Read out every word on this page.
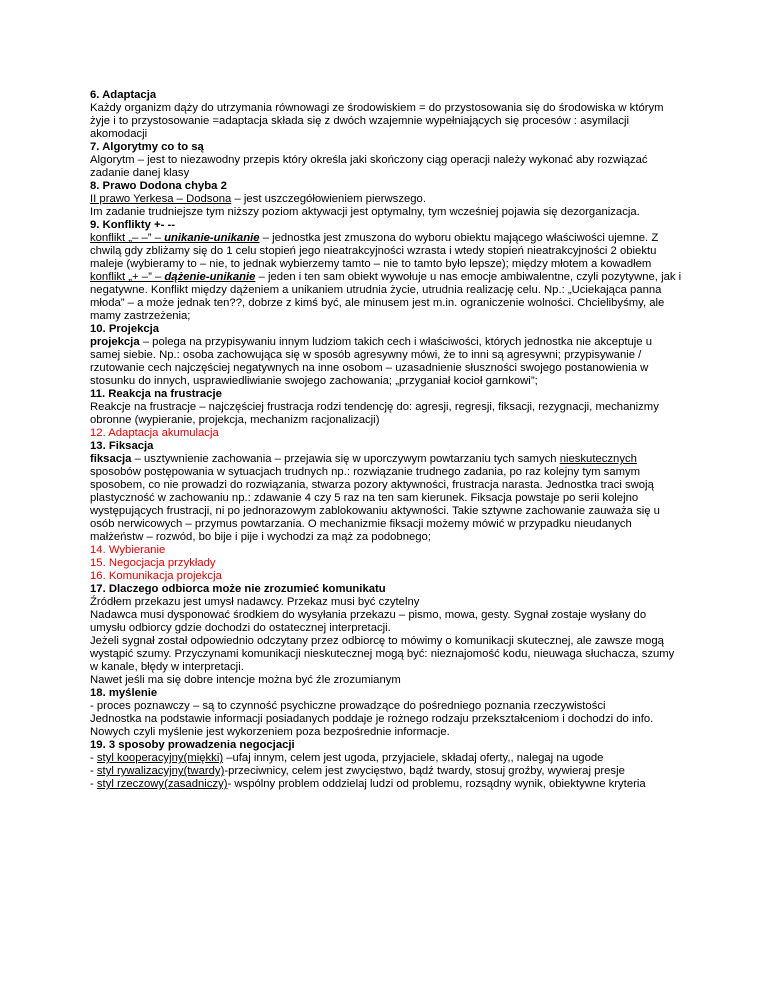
6. Adaptacja
Każdy organizm dąży do utrzymania równowagi ze środowiskiem = do przystosowania się do środowiska w którym
żyje i to przystosowanie =adaptacja składa się z dwóch wzajemnie wypełniających się procesów : asymilacji
akomodacji
7. Algorytmy co to są
Algorytm – jest to niezawodny przepis który określa jaki skończony ciąg operacji należy wykonać aby rozwiązać
zadanie danej klasy
8. Prawo Dodona chyba 2
II prawo Yerkesa – Dodsona – jest uszczegółowieniem pierwszego.
Im zadanie trudniejsze tym niższy poziom aktywacji jest optymalny, tym wcześniej pojawia się dezorganizacja.
9. Konflikty +- --
konflikt „– –” – unikanie-unikanie – jednostka jest zmuszona do wyboru obiektu mającego właściwości ujemne. Z
chwilą gdy zbliżamy się do 1 celu stopień jego nieatrakcyjności wzrasta i wtedy stopień nieatrakcyjności 2 obiektu
maleje (wybieramy to – nie, to jednak wybierzemy tamto – nie to tamto było lepsze); między młotem a kowadłem
konflikt „+ –” – dążenie-unikanie – jeden i ten sam obiekt wywołuje u nas emocje ambiwalentne, czyli pozytywne, jak i
negatywne. Konflikt między dążeniem a unikaniem utrudnia życie, utrudnia realizację celu. Np.: „Uciekająca panna
młoda” – a może jednak ten??, dobrze z kimś być, ale minusem jest m.in. ograniczenie wolności. Chcielibyśmy, ale
mamy zastrzeżenia;
10. Projekcja
projekcja – polega na przypisywaniu innym ludziom takich cech i właściwości, których jednostka nie akceptuje u
samej siebie. Np.: osoba zachowująca się w sposób agresywny mówi, że to inni są agresywni; przypisywanie /
rzutowanie cech najczęściej negatywnych na inne osobom – uzasadnienie słuszności swojego postanowienia w
stosunku do innych, usprawiedliwianie swojego zachowania; „przyganiał kocioł garnkowi”;
11. Reakcja na frustracje
Reakcje na frustracje – najczęściej frustracja rodzi tendencję do: agresji, regresji, fiksacji, rezygnacji, mechanizmy
obronne (wypieranie, projekcja, mechanizm racjonalizacji)
12. Adaptacja akumulacja
13. Fiksacja
fiksacja – usztywnienie zachowania – przejawia się w uporczywym powtarzaniu tych samych nieskutecznych
sposobów postępowania w sytuacjach trudnych np.: rozwiązanie trudnego zadania, po raz kolejny tym samym
sposobem, co nie prowadzi do rozwiązania, stwarza pozory aktywności, frustracja narasta. Jednostka traci swoją
plastyczność w zachowaniu np.: zdawanie 4 czy 5 raz na ten sam kierunek. Fiksacja powstaje po serii kolejno
występujących frustracji, ni po jednorazowym zablokowaniu aktywności. Takie sztywne zachowanie zauważa się u
osób nerwicowych – przymus powtarzania. O mechanizmie fiksacji możemy mówić w przypadku nieudanych
małżeństw – rozwód, bo bije i pije i wychodzi za mąż za podobnego;
14. Wybieranie
15. Negocjacja przykłady
16. Komunikacja projekcja
17. Dlaczego odbiorca może nie zrozumieć komunikatu
Źródłem przekazu jest umysł nadawcy. Przekaz musi być czytelny
Nadawca musi dysponować środkiem do wysyłania przekazu – pismo, mowa, gesty. Sygnał zostaje wysłany do
umysłu odbiorcy gdzie dochodzi do ostatecznej interpretacji.
Jeżeli sygnał został odpowiednio odczytany przez odbiorcę to mówimy o komunikacji skutecznej, ale zawsze mogą
wystąpić szumy. Przyczynami komunikacji nieskutecznej mogą być: nieznajomość kodu, nieuwaga słuchacza, szumy
w kanale, błędy w interpretacji.
Nawet jeśli ma się dobre intencje można być źle zrozumianym
18. myślenie
- proces poznawczy – są to czynność psychiczne prowadzące do pośredniego poznania rzeczywistości
Jednostka na podstawie informacji posiadanych poddaje je rożnego rodzaju przekształceniom i dochodzi do info.
Nowych czyli myślenie jest wykorzeniem poza bezpośrednie informacje.
19. 3 sposoby prowadzenia negocjacji
- styl kooperacyjny(miękki) –ufaj innym, celem jest ugoda, przyjaciele, składaj oferty,, nalegaj na ugode
- styl rywalizacyjny(twardy)-przeciwnicy, celem jest zwycięstwo, bądź twardy, stosuj groźby, wywieraj presje
- styl rzeczowy(zasadniczy)- wspólny problem oddzielaj ludzi od problemu, rozsądny wynik, obiektywne kryteria
